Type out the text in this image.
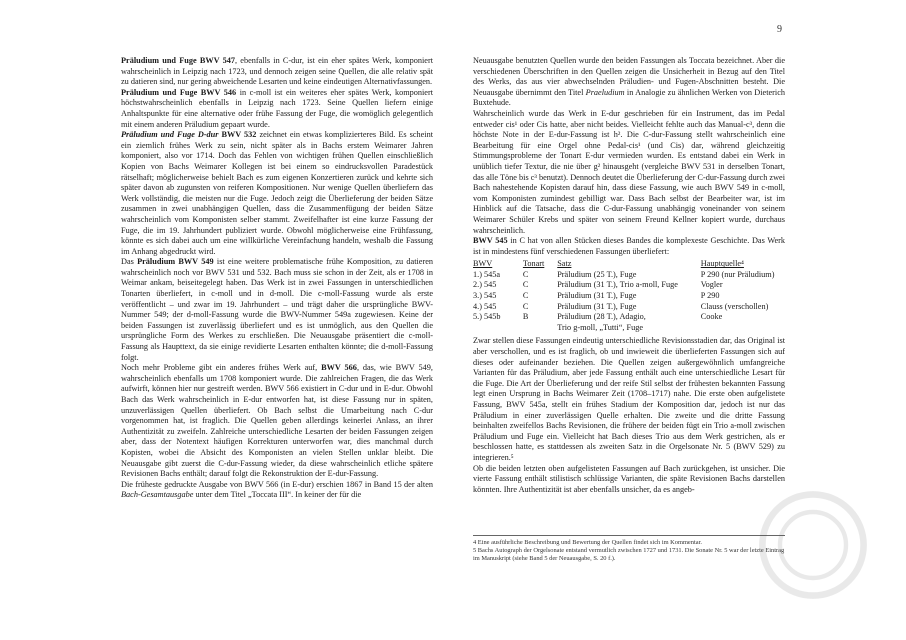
9

Präludium und Fuge BWV 547, ebenfalls in C-dur, ist ein eher spätes Werk, komponiert wahrscheinlich in Leipzig nach 1723, und dennoch zeigen seine Quellen, die alle relativ spät zu datieren sind, nur gering abweichende Lesarten und keine eindeutigen Alternativfassungen.

Präludium und Fuge BWV 546 in c-moll ist ein weiteres eher spätes Werk, komponiert höchstwahrscheinlich ebenfalls in Leipzig nach 1723. Seine Quellen liefern einige Anhaltspunkte für eine alternative oder frühe Fassung der Fuge, die womöglich gelegentlich mit einem anderen Präludium gepaart wurde.

Präludium und Fuge D-dur BWV 532 zeichnet ein etwas komplizierteres Bild. Es scheint ein ziemlich frühes Werk zu sein, nicht später als in Bachs erstem Weimarer Jahren komponiert, also vor 1714. Doch das Fehlen von wichtigen frühen Quellen einschließlich Kopien von Bachs Weimarer Kollegen ist bei einem so eindrucksvollen Paradestück rätselhaft; möglicherweise behielt Bach es zum eigenen Konzertieren zurück und kehrte sich später davon ab zugunsten von reiferen Kompositionen. Nur wenige Quellen überliefern das Werk vollständig, die meisten nur die Fuge. Jedoch zeigt die Überlieferung der beiden Sätze zusammen in zwei unabhängigen Quellen, dass die Zusammenfügung der beiden Sätze wahrscheinlich vom Komponisten selber stammt. Zweifelhafter ist eine kurze Fassung der Fuge, die im 19. Jahrhundert publiziert wurde. Obwohl möglicherweise eine Frühfassung, könnte es sich dabei auch um eine willkürliche Vereinfachung handeln, weshalb die Fassung im Anhang abgedruckt wird.

Das Präludium BWV 549 ist eine weitere problematische frühe Komposition, zu datieren wahrscheinlich noch vor BWV 531 und 532. Bach muss sie schon in der Zeit, als er 1708 in Weimar ankam, beiseitegelegt haben. Das Werk ist in zwei Fassungen in unterschiedlichen Tonarten überliefert, in c-moll und in d-moll. Die c-moll-Fassung wurde als erste veröffentlicht – und zwar im 19. Jahrhundert – und trägt daher die ursprüngliche BWV-Nummer 549; der d-moll-Fassung wurde die BWV-Nummer 549a zugewiesen. Keine der beiden Fassungen ist zuverlässig überliefert und es ist unmöglich, aus den Quellen die ursprüngliche Form des Werkes zu erschließen. Die Neuausgabe präsentiert die c-moll-Fassung als Haupttext, da sie einige revidierte Lesarten enthalten könnte; die d-moll-Fassung folgt.

Noch mehr Probleme gibt ein anderes frühes Werk auf, BWV 566, das, wie BWV 549, wahrscheinlich ebenfalls um 1708 komponiert wurde. Die zahlreichen Fragen, die das Werk aufwirft, können hier nur gestreift werden. BWV 566 existiert in C-dur und in E-dur. Obwohl Bach das Werk wahrscheinlich in E-dur entworfen hat, ist diese Fassung nur in späten, unzuverlässigen Quellen überliefert. Ob Bach selbst die Umarbeitung nach C-dur vorgenommen hat, ist fraglich. Die Quellen geben allerdings keinerlei Anlass, an ihrer Authentizität zu zweifeln. Zahlreiche unterschiedliche Lesarten der beiden Fassungen zeigen aber, dass der Notentext häufigen Korrekturen unterworfen war, dies manchmal durch Kopisten, wobei die Absicht des Komponisten an vielen Stellen unklar bleibt. Die Neuausgabe gibt zuerst die C-dur-Fassung wieder, da diese wahrscheinlich etliche spätere Revisionen Bachs enthält; darauf folgt die Rekonstruktion der E-dur-Fassung.

Die früheste gedruckte Ausgabe von BWV 566 (in E-dur) erschien 1867 in Band 15 der alten Bach-Gesamtausgabe unter dem Titel „Toccata III“. In keiner der für die

Neuausgabe benutzten Quellen wurde den beiden Fassungen als Toccata bezeichnet. Aber die verschiedenen Überschriften in den Quellen zeigen die Unsicherheit in Bezug auf den Titel des Werks, das aus vier abwechselnden Präludien- und Fugen-Abschnitten besteht. Die Neuausgabe übernimmt den Titel Praeludium in Analogie zu ähnlichen Werken von Dieterich Buxtehude.

Wahrscheinlich wurde das Werk in E-dur geschrieben für ein Instrument, das im Pedal entweder cis¹ oder Cis hatte, aber nicht beides. Vielleicht fehlte auch das Manual-c³, denn die höchste Note in der E-dur-Fassung ist h². Die C-dur-Fassung stellt wahrscheinlich eine Bearbeitung für eine Orgel ohne Pedal-cis¹ (und Cis) dar, während gleichzeitig Stimmungsprobleme der Tonart E-dur vermieden wurden. Es entstand dabei ein Werk in unüblich tiefer Textur, die nie über g² hinausgeht (vergleiche BWV 531 in derselben Tonart, das alle Töne bis c³ benutzt). Dennoch deutet die Überlieferung der C-dur-Fassung durch zwei Bach nahestehende Kopisten darauf hin, dass diese Fassung, wie auch BWV 549 in c-moll, vom Komponisten zumindest gebilligt war. Dass Bach selbst der Bearbeiter war, ist im Hinblick auf die Tatsache, dass die C-dur-Fassung unabhängig voneinander von seinem Weimarer Schüler Krebs und später von seinem Freund Kellner kopiert wurde, durchaus wahrscheinlich.

BWV 545 in C hat von allen Stücken dieses Bandes die komplexeste Geschichte. Das Werk ist in mindestens fünf verschiedenen Fassungen überliefert:

BWV	Tonart	Satz	Hauptquelle⁴
1.) 545a	C	Präludium (25 T.), Fuge	P 290 (nur Präludium)
2.) 545	C	Präludium (31 T.), Trio a-moll, Fuge	Vogler
3.) 545	C	Präludium (31 T.), Fuge	P 290
4.) 545	C	Präludium (31 T.), Fuge	Clauss (verschollen)
5.) 545b	B	Präludium (28 T.), Adagio,	Cooke
		Trio g-moll, „Tutti“, Fuge	

Zwar stellen diese Fassungen eindeutig unterschiedliche Revisionsstadien dar, das Original ist aber verschollen, und es ist fraglich, ob und inwieweit die überlieferten Fassungen sich auf dieses oder aufeinander beziehen. Die Quellen zeigen außergewöhnlich umfangreiche Varianten für das Präludium, aber jede Fassung enthält auch eine unterschiedliche Lesart für die Fuge. Die Art der Überlieferung und der reife Stil selbst der frühesten bekannten Fassung legt einen Ursprung in Bachs Weimarer Zeit (1708–1717) nahe. Die erste oben aufgelistete Fassung, BWV 545a, stellt ein frühes Stadium der Komposition dar, jedoch ist nur das Präludium in einer zuverlässigen Quelle erhalten. Die zweite und die dritte Fassung beinhalten zweifellos Bachs Revisionen, die frühere der beiden fügt ein Trio a-moll zwischen Präludium und Fuge ein. Vielleicht hat Bach dieses Trio aus dem Werk gestrichen, als er beschlossen hatte, es stattdessen als zweiten Satz in die Orgelsonate Nr. 5 (BWV 529) zu integrieren.⁵

Ob die beiden letzten oben aufgelisteten Fassungen auf Bach zurückgehen, ist unsicher. Die vierte Fassung enthält stilistisch schlüssige Varianten, die späte Revisionen Bachs darstellen könnten. Ihre Authentizität ist aber ebenfalls unsicher, da es angeb-

4 Eine ausführliche Beschreibung und Bewertung der Quellen findet sich im Kommentar.

5 Bachs Autograph der Orgelsonate entstand vermutlich zwischen 1727 und 1731. Die Sonate Nr. 5 war der letzte Eintrag im Manuskript (siehe Band 5 der Neuausgabe, S. 20 f.).
